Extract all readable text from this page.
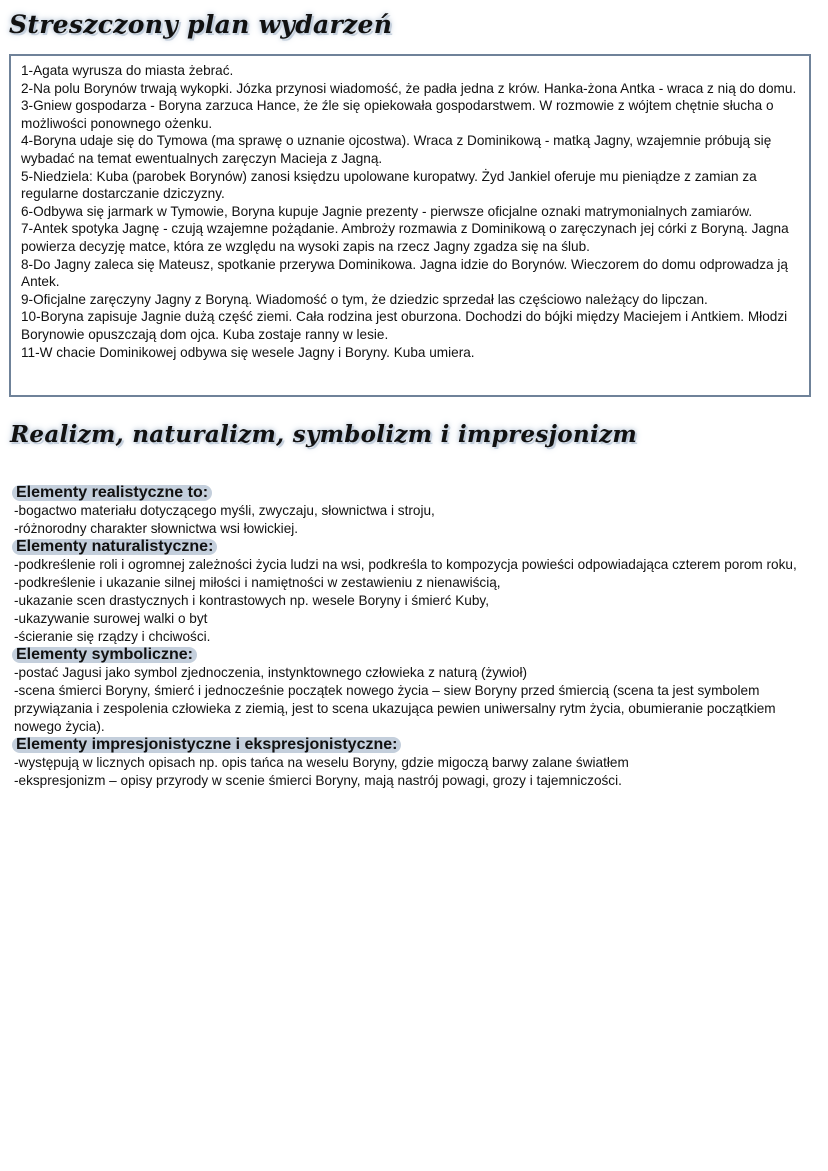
Streszczony plan wydarzeń

1-Agata wyrusza do miasta żebrać.

2-Na polu Borynów trwają wykopki. Józka przynosi wiadomość, że padła jedna z krów. Hanka-żona Antka - wraca z nią do domu.

3-Gniew gospodarza - Boryna zarzuca Hance, że źle się opiekowała gospodarstwem. W rozmowie z wójtem chętnie słucha o możliwości ponownego ożenku.

4-Boryna udaje się do Tymowa (ma sprawę o uznanie ojcostwa). Wraca z Dominikową - matką Jagny, wzajemnie próbują się wybadać na temat ewentualnych zaręczyn Macieja z Jagną.

5-Niedziela: Kuba (parobek Borynów) zanosi księdzu upolowane kuropatwy. Żyd Jankiel oferuje mu pieniądze z zamian za regularne dostarczanie dziczyzny.

6-Odbywa się jarmark w Tymowie, Boryna kupuje Jagnie prezenty - pierwsze oficjalne oznaki matrymonialnych zamiarów.

7-Antek spotyka Jagnę - czują wzajemne pożądanie. Ambroży rozmawia z Dominikową o zaręczynach jej córki z Boryną. Jagna powierza decyzję matce, która ze względu na wysoki zapis na rzecz Jagny zgadza się na ślub.

8-Do Jagny zaleca się Mateusz, spotkanie przerywa Dominikowa. Jagna idzie do Borynów. Wieczorem do domu odprowadza ją Antek.

9-Oficjalne zaręczyny Jagny z Boryną. Wiadomość o tym, że dziedzic sprzedał las częściowo należący do lipczan.

10-Boryna zapisuje Jagnie dużą część ziemi. Cała rodzina jest oburzona. Dochodzi do bójki między Maciejem i Antkiem. Młodzi Borynowie opuszczają dom ojca. Kuba zostaje ranny w lesie.

11-W chacie Dominikowej odbywa się wesele Jagny i Boryny. Kuba umiera.

Realizm, naturalizm, symbolizm i impresjonizm
Elementy realistyczne to:

-bogactwo materiału dotyczącego myśli, zwyczaju, słownictwa i stroju,

-różnorodny charakter słownictwa wsi łowickiej.

Elementy naturalistyczne:

-podkreślenie roli i ogromnej zależności życia ludzi na wsi, podkreśla to kompozycja powieści odpowiadająca czterem porom roku,

-podkreślenie i ukazanie silnej miłości i namiętności w zestawieniu z nienawiścią,

-ukazanie scen drastycznych i kontrastowych np. wesele Boryny i śmierć Kuby,

-ukazywanie surowej walki o byt

-ścieranie się rządzy i chciwości.

Elementy symboliczne:

-postać Jagusi jako symbol zjednoczenia, instynktownego człowieka z naturą (żywioł)

-scena śmierci Boryny, śmierć i jednocześnie początek nowego życia – siew Boryny przed śmiercią (scena ta jest symbolem przywiązania i zespolenia człowieka z ziemią, jest to scena ukazująca pewien uniwersalny rytm życia, obumieranie początkiem nowego życia).

Elementy impresjonistyczne i ekspresjonistyczne:

-występują w licznych opisach np. opis tańca na weselu Boryny, gdzie migoczą barwy zalane światłem

-ekspresjonizm – opisy przyrody w scenie śmierci Boryny, mają nastrój powagi, grozy i tajemniczości.
